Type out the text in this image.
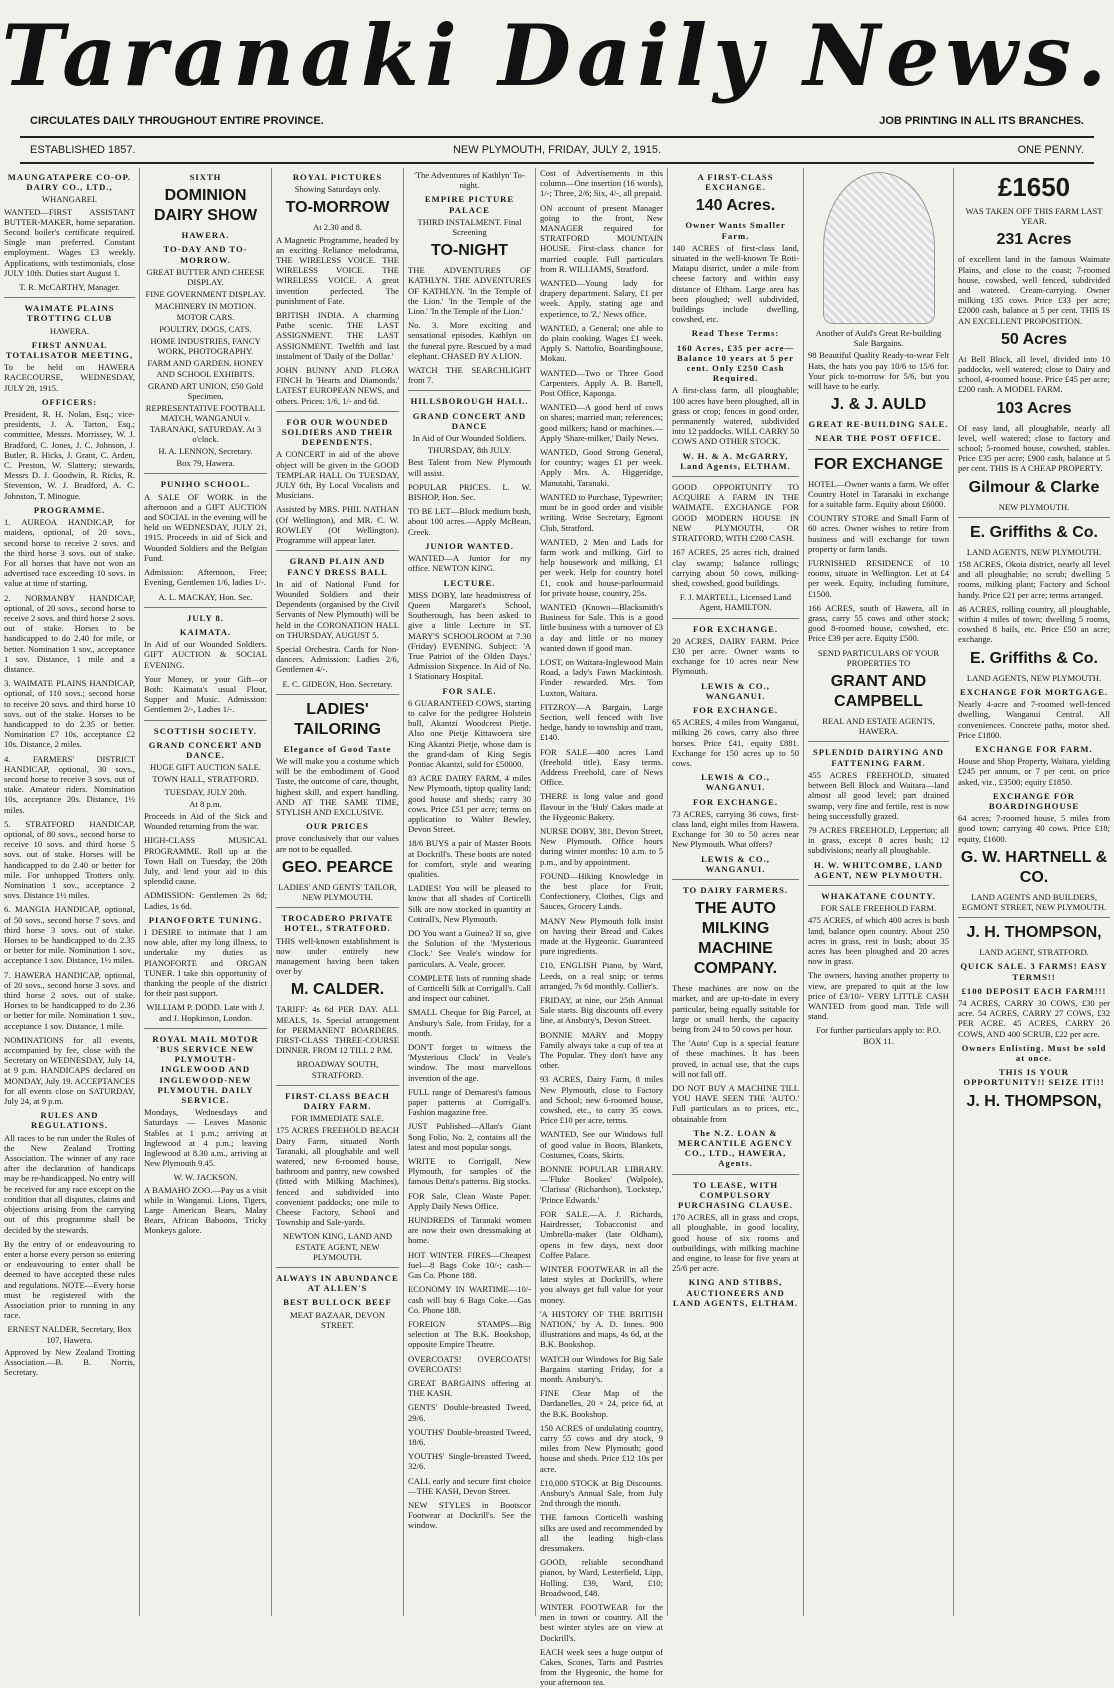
Taranaki Daily News.
CIRCULATES DAILY THROUGHOUT ENTIRE PROVINCE.	JOB PRINTING IN ALL ITS BRANCHES.
ESTABLISHED 1857.	NEW PLYMOUTH, FRIDAY, JULY 2, 1915.	ONE PENNY.
MAUNGATAPERE CO-OP. DAIRY CO., LTD.,
WHANGAREI.

WANTED—FIRST ASSISTANT BUTTER-MAKER, home separation. Second boiler's certificate required. Single man preferred. Constant employment. Wages £3 weekly. Applications, with testimonials, close JULY 10th. Duties start August 1.

T. R. McCARTHY, Manager.
WAIMATE PLAINS TROTTING CLUB
HAWERA.
FIRST ANNUAL TOTALISATOR MEETING,

To be held on HAWERA RACECOURSE, WEDNESDAY, JULY 28, 1915.

OFFICERS:

President, R. H. Nolan, Esq.; vice-presidents, J. A. Tarton, Esq.; committee, Messrs. Morrissey, W. J. Bradford, C. Jones, J. C. Johnson, J. Butler, R. Hicks, J. Grant, C. Arden, C. Preston, W. Slattery; stewards, Messrs D. J. Goodwin, R. Ricks, R. Stevenson, W. J. Bradford, A. C. Johnston, T. Minogue.

PROGRAMME.

1. AUREOA HANDICAP, for maidens, optional, of 20 sovs., second horse to receive 2 sovs. and the third horse 3 sovs. out of stake. For all horses that have not won an advertised race exceeding 10 sovs. in value at time of starting.

2. NORMANBY HANDICAP, optional, of 20 sovs., second horse to receive 2 sovs. and third horse 2 sovs. out of stake. Horses to be handicapped to do 2.40 for mile, or better. Nomination 1 sov., acceptance 1 sov. Distance, 1 mile and a distance.

3. WAIMATE PLAINS HANDICAP, optional, of 110 sovs.; second horse to receive 20 sovs. and third horse 10 sovs. out of the stake. Horses to be handicapped to do 2.35 or better. Nomination £7 10s, acceptance £2 10s. Distance, 2 miles.

4. FARMERS' DISTRICT HANDICAP, optional, 30 sovs., second horse to receive 3 sovs. out of stake. Amateur riders. Nomination 10s, acceptance 20s. Distance, 1½ miles.

5. STRATFORD HANDICAP, optional, of 80 sovs., second horse to receive 10 sovs. and third horse 5 sovs. out of stake. Horses will be handicapped to do 2.40 or better for mile. For unhopped Trotters only. Nomination 1 sov., acceptance 2 sovs. Distance 1½ miles.

6. MANGIA HANDICAP, optional, of 50 sovs., second horse 7 sovs. and third horse 3 sovs. out of stake. Horses to be handicapped to do 2.35 or better for mile. Nomination 1 sov., acceptance 1 sov. Distance, 1½ miles.

7. HAWERA HANDICAP, optional, of 20 sovs., second horse 3 sovs. and third horse 2 sovs. out of stake. Horses to be handicapped to do 2.36 or better for mile. Nomination 1 sov., acceptance 1 sov. Distance, 1 mile.

NOMINATIONS for all events, accompanied by fee, close with the Secretary on WEDNESDAY, July 14, at 9 p.m. HANDICAPS declared on MONDAY, July 19. ACCEPTANCES for all events close on SATURDAY, July 24, at 9 p.m.

RULES AND REGULATIONS.

All races to be run under the Rules of the New Zealand Trotting Association. The winner of any race after the declaration of handicaps may be re-handicapped. No entry will be received for any race except on the condition that all disputes, claims and objections arising from the carrying out of this programme shall be decided by the stewards.

By the entry of or endeavouring to enter a horse every person so entering or endeavouring to enter shall be deemed to have accepted these rules and regulations. NOTE—Every horse must be registered with the Association prior to running in any race.

ERNEST NALDER, Secretary, Box 107, Hawera.

Approved by New Zealand Trotting Association.—B. B. Norris, Secretary.

SIXTH
DOMINION DAIRY SHOW
HAWERA.
TO-DAY AND TO-MORROW.
GREAT BUTTER AND CHEESE DISPLAY.
FINE GOVERNMENT DISPLAY.
MACHINERY IN MOTION. MOTOR CARS.
POULTRY, DOGS, CATS.
HOME INDUSTRIES, FANCY WORK, PHOTOGRAPHY.
FARM AND GARDEN. HONEY AND SCHOOL EXHIBITS.
GRAND ART UNION, £50 Gold Specimen.
REPRESENTATIVE FOOTBALL MATCH, WANGANUI v. TARANAKI, SATURDAY. At 3 o'clock.
H. A. LENNON, Secretary.
Box 79, Hawera.
PUNIHO SCHOOL.

A SALE OF WORK in the afternoon and a GIFT AUCTION and SOCIAL in the evening will be held on WEDNESDAY, JULY 21, 1915. Proceeds in aid of Sick and Wounded Soldiers and the Belgian Fund.

Admission: Afternoon, Free; Evening, Gentlemen 1/6, ladies 1/-.

A. L. MACKAY, Hon. Sec.
JULY 8.
KAIMATA.

In Aid of our Wounded Soldiers. GIFT AUCTION & SOCIAL EVENING.

Your Money, or your Gift—or Both: Kaimata's usual Flour, Supper and Music. Admission: Gentlemen 2/-, Ladies 1/-.

SCOTTISH SOCIETY.
GRAND CONCERT AND DANCE.
HUGE GIFT AUCTION SALE.
TOWN HALL, STRATFORD.
TUESDAY, JULY 20th.
At 8 p.m.

Proceeds in Aid of the Sick and Wounded returning from the war.

HIGH-CLASS MUSICAL PROGRAMME. Roll up at the Town Hall on Tuesday, the 20th July, and lend your aid to this splendid cause.

ADMISSION: Gentlemen 2s 6d; Ladies, 1s 6d.

PIANOFORTE TUNING.

I DESIRE to intimate that I am now able, after my long illness, to undertake my duties as PIANOFORTE and ORGAN TUNER. I take this opportunity of thanking the people of the district for their past support.

WILLIAM P. DODD. Late with J. and J. Hopkinson, London.
ROYAL MAIL MOTOR 'BUS SERVICE NEW PLYMOUTH-INGLEWOOD AND INGLEWOOD-NEW PLYMOUTH. DAILY SERVICE.

Mondays, Wednesdays and Saturdays — Leaves Masonic Stables at 1 p.m.; arriving at Inglewood at 4 p.m.; leaving Inglewood at 8.30 a.m., arriving at New Plymouth 9.45.

W. W. JACKSON.

A BAMAHO ZOO.—Pay us a visit while in Wanganui. Lions, Tigers, Large American Bears, Malay Bears, African Baboons, Tricky Monkeys galore.

ROYAL PICTURES
Showing Saturdays only.
TO-MORROW
At 2.30 and 8.

A Magnetic Programme, headed by an exciting Reliance melodrama, THE WIRELESS VOICE. THE WIRELESS VOICE. THE WIRELESS VOICE. A great invention perfected. The punishment of Fate.

BRITISH INDIA. A charming Pathe scenic. THE LAST ASSIGNMENT. THE LAST ASSIGNMENT. Twelfth and last instalment of 'Daily of the Dollar.'

JOHN BUNNY AND FLORA FINCH In 'Hearts and Diamonds.' LATEST EUROPEAN NEWS, and others. Prices: 1/6, 1/- and 6d.

FOR OUR WOUNDED SOLDIERS AND THEIR DEPENDENTS.

A CONCERT in aid of the above object will be given in the GOOD TEMPLAR HALL On TUESDAY, JULY 6th, By Local Vocalists and Musicians.

Assisted by MRS. PHIL NATHAN (Of Wellington), and MR. C. W. ROWLEY (Of Wellington). Programme will appear later.

GRAND PLAIN AND FANCY DRESS BALL

In aid of National Fund for Wounded Soldiers and their Dependents (organised by the Civil Servants of New Plymouth) will be held in the CORONATION HALL on THURSDAY, AUGUST 5.

Special Orchestra. Cards for Non-dancers. Admission: Ladies 2/6, Gentlemen 4/-.

E. C. GIDEON, Hon. Secretary.
LADIES' TAILORING
Elegance of Good Taste

We will make you a costume which will be the embodiment of Good Taste, the outcome of care, thought, highest skill, and expert handling. AND AT THE SAME TIME, STYLISH AND EXCLUSIVE.

OUR PRICES

prove conclusively that our values are not to be equalled.

GEO. PEARCE
LADIES' AND GENTS' TAILOR, NEW PLYMOUTH.
TROCADERO PRIVATE HOTEL, STRATFORD.

THIS well-known establishment is now under entirely new management having been taken over by

M. CALDER.

TARIFF: 4s 6d PER DAY. ALL MEALS, 1s. Special arrangement for PERMANENT BOARDERS. FIRST-CLASS THREE-COURSE DINNER. FROM 12 TILL 2 P.M.

BROADWAY SOUTH, STRATFORD.
FIRST-CLASS BEACH DAIRY FARM.
FOR IMMEDIATE SALE.

175 ACRES FREEHOLD BEACH Dairy Farm, situated North Taranaki, all ploughable and well watered, new 6-roomed house, bathroom and pantry, new cowshed (fitted with Milking Machines), fenced and subdivided into convenient paddocks; one mile to Cheese Factory, School and Township and Sale-yards.

NEWTON KING, LAND AND ESTATE AGENT, NEW PLYMOUTH.
ALWAYS IN ABUNDANCE AT ALLEN'S
BEST BULLOCK BEEF
MEAT BAZAAR, DEVON STREET.
'The Adventures of Kathlyn' To-night.
EMPIRE PICTURE PALACE
THIRD INSTALMENT. Final Screening
TO-NIGHT

THE ADVENTURES OF KATHLYN. THE ADVENTURES OF KATHLYN. 'In the Temple of the Lion.' 'In the Temple of the Lion.' 'In the Temple of the Lion.'

No. 3. More exciting and sensational episodes. Kathlyn on the funeral pyre. Rescued by a mad elephant. CHASED BY A LION.

WATCH THE SEARCHLIGHT from 7.

HILLSBOROUGH HALL.
GRAND CONCERT AND DANCE
In Aid of Our Wounded Soldiers.
THURSDAY, 8th JULY.

Best Talent from New Plymouth will assist.

POPULAR PRICES. L. W. BISHOP, Hon. Sec.

TO BE LET—Block medium bush, about 100 acres.—Apply McBean, Creek.

JUNIOR WANTED.

WANTED—A Junior for my office. NEWTON KING.

LECTURE.

MISS DOBY, late headmistress of Queen Margaret's School, Southerough, has been asked to give a little Lecture in ST. MARY'S SCHOOLROOM at 7.30 (Friday) EVENING. Subject: 'A True Patriot of the Olden Days.' Admission Sixpence. In Aid of No. 1 Stationary Hospital.

FOR SALE.

6 GUARANTEED COWS, starting to calve for the pedigree Holstein bull, Akantzi Woodcrest Pietje. Also one Pietje Kittawoera sire King Akantzi Pietje, whose dam is the grand-dam of King Segis Pontiac Akantzi, sold for £50000.

83 ACRE DAIRY FARM, 4 miles New Plymouth, tiptop quality land; good house and sheds; carry 30 cows. Price £51 per acre; terms on application to Walter Bewley, Devon Street.

18/6 BUYS a pair of Master Boots at Dockrill's. These boots are noted for comfort, style and wearing qualities.

LADIES! You will be pleased to know that all shades of Corticelli Silk are now stocked in quantity at Cottrall's, New Plymouth.

DO You want a Guinea? If so, give the Solution of the 'Mysterious Clock.' See Veale's window for particulars. A. Veale, grocer.

COMPLETE lists of running shade of Corticelli Silk at Corrigall's. Call and inspect our cabinet.

SMALL Cheque for Big Parcel, at Ansbury's Sale, from Friday, for a month.

DON'T forget to witness the 'Mysterious Clock' in Veale's window. The most marvellous invention of the age.

FULL range of Demarest's famous paper patterns at Corrigall's. Fashion magazine free.

JUST Published—Allan's Giant Song Folio, No. 2, contains all the latest and most popular songs.

WRITE to Corrigall, New Plymouth, for samples of the famous Detta's patterns. Big stocks.

FOR Sale, Clean Waste Paper. Apply Daily News Office.

HUNDREDS of Taranaki women are now their own dressmaking at home.

HOT WINTER FIRES—Cheapest fuel—8 Bags Coke 10/-; cash—Gas Co. Phone 188.

ECONOMY IN WARTIME—10/- cash will buy 6 Bags Coke.—Gas Co. Phone 188.

FOREIGN STAMPS—Big selection at The B.K. Bookshop, opposite Empire Theatre.

OVERCOATS! OVERCOATS! OVERCOATS!

GREAT BARGAINS offering at THE KASH.

GENTS' Double-breasted Tweed, 29/6.

YOUTHS' Double-breasted Tweed, 18/6.

YOUTHS' Single-breasted Tweed, 32/6.

CALL early and secure first choice—THE KASH, Devon Street.

NEW STYLES in Bootscor Footwear at Dockrill's. See the window.

Cost of Advertisements in this column—One insertion (16 words), 1/-; Three, 2/6; Six, 4/-, all prepaid.

ON account of present Manager going to the front, New MANAGER required for STRATFORD MOUNTAIN HOUSE. First-class chance for married couple. Full particulars from R. WILLIAMS, Stratford.

WANTED—Young lady for drapery department. Salary, £1 per week. Apply, stating age and experience, to 'Z,' News office.

WANTED, a General; one able to do plain cooking. Wages £1 week. Apply S. Nattolio, Boardinghouse, Mokau.

WANTED—Two or Three Good Carpenters. Apply A. B. Bartell, Post Office, Kaponga.

WANTED—A good herd of cows on shares; married man; references; good milkers; hand or machines.—Apply 'Share-milker,' Daily News.

WANTED, Good Strong General, for country; wages £1 per week. Apply Mrs. A. Higgeridge, Manutahi, Taranaki.

WANTED to Purchase, Typewriter; must be in good order and visible writing. Write Secretary, Egmont Club, Stratford.

WANTED, 2 Men and Lads for farm work and milking. Girl to help housework and milking, £1 per week. Help for country hotel £1, cook and house-parlourmaid for private house, country, 25s.

WANTED (Known—Blacksmith's Business for Sale. This is a good little business with a turnover of £3 a day and little or no money wanted down if good man.

LOST, on Waitara-Inglewood Main Road, a lady's Fawn Mackintosh. Finder rewarded. Mrs. Tom Luxton, Waitara.

FITZROY—A Bargain, Large Section, well fenced with live hedge, handy to township and tram, £140.

FOR SALE—400 acres Land (freehold title). Easy terms. Address Freehold, care of News Office.

THERE is long value and good flavour in the 'Hub' Cakes made at the Hygeonic Bakery.

NURSE DOBY, 381, Devon Street, New Plymouth. Office hours during winter months: 10 a.m. to 5 p.m., and by appointment.

FOUND—Hiking Knowledge in the best place for Fruit, Confectionery, Clothes, Cigs and Sauces, Grocery Lands.

MANY New Plymouth folk insist on having their Bread and Cakes made at the Hygeonic. Guaranteed pure ingredients.

£10, ENGLISH Piano, by Ward, Leeds, on a real snip; or terms arranged, 7s 6d monthly. Collier's.

FRIDAY, at nine, our 25th Annual Sale starts. Big discounts off every line, at Ansbury's, Devon Street.

BONNIE MARY and Moppy Family always take a cup of tea at The Popular. They don't have any other.

93 ACRES, Dairy Farm, 8 miles New Plymouth, close to Factory and School; new 6-roomed house, cowshed, etc., to carry 35 cows. Price £10 per acre, terms.

WANTED, See our Windows full of good value in Boots, Blankets, Costumes, Coats, Skirts.

BONNIE POPULAR LIBRARY.—'Fluke Bookes' (Walpole), 'Clarissa' (Richardson), 'Lockstep,' 'Prince Edwards.'

FOR SALE.—A. J. Richards, Hairdresser, Tobacconist and Umbrella-maker (late Oldham), opens in few days, next door Coffee Palace.

WINTER FOOTWEAR in all the latest styles at Dockrill's, where you always get full value for your money.

'A HISTORY OF THE BRITISH NATION,' by A. D. Innes. 900 illustrations and maps, 4s 6d, at the B.K. Bookshop.

WATCH our Windows for Big Sale Bargains starting Friday, for a month. Ansbury's.

FINE Clear Map of the Dardanelles, 20 × 24, price 6d, at the B.K. Bookshop.

150 ACRES of undulating country, carry 55 cows and dry stock, 9 miles from New Plymouth; good house and sheds. Price £12 10s per acre.

£10,000 STOCK at Big Discounts. Ansbury's Annual Sale, from July 2nd through the month.

THE famous Corticelli washing silks are used and recommended by all the leading high-class dressmakers.

GOOD, reliable secondhand pianos, by Ward, Lesterfield, Lipp, Holling. £39, Ward, £10; Broadwood, £48.

WINTER FOOTWEAR for the men in town or country. All the best winter styles are on view at Dockrill's.

EACH week sees a huge output of Cakes, Scones, Tarts and Pastries from the Hygeonic, the home for your afternoon tea.

A FIRST-CLASS EXCHANGE.
140 Acres.
Owner Wants Smaller Farm.

140 ACRES of first-class land, situated in the well-known Te Roti-Matapu district, under a mile from cheese factory and within easy distance of Eltham. Large area has been ploughed; well subdivided, buildings include dwelling, cowshed, etc.

Read These Terms:
160 Acres, £35 per acre—Balance 10 years at 5 per cent. Only £250 Cash Required.

A first-class farm, all ploughable; 100 acres have been ploughed, all in grass or crop; fences in good order, permanently watered, subdivided into 12 paddocks. WILL CARRY 50 COWS AND OTHER STOCK.

W. H. & A. McGARRY, Land Agents, ELTHAM.

GOOD OPPORTUNITY TO ACQUIRE A FARM IN THE WAIMATE. EXCHANGE FOR GOOD MODERN HOUSE IN NEW PLYMOUTH, OR STRATFORD, WITH £200 CASH.

167 ACRES, 25 acres rich, drained clay swamp; balance rollings; carrying about 50 cows, milking-shed, cowshed, good buildings.

F. J. MARTELL, Licensed Land Agent, HAMILTON.
FOR EXCHANGE.

20 ACRES, DAIRY FARM. Price £30 per acre. Owner wants to exchange for 10 acres near New Plymouth.

LEWIS & CO., WANGANUI.
FOR EXCHANGE.

65 ACRES, 4 miles from Wanganui, milking 26 cows, carry also three horses. Price £41, equity £881. Exchange for 150 acres up to 50 cows.

LEWIS & CO., WANGANUI.
FOR EXCHANGE.

73 ACRES, carrying 36 cows, first-class land, eight miles from Hawera. Exchange for 30 to 50 acres near New Plymouth. What offers?

LEWIS & CO., WANGANUI.
TO DAIRY FARMERS.
THE AUTO MILKING MACHINE COMPANY.

These machines are now on the market, and are up-to-date in every particular, being equally suitable for large or small herds, the capacity being from 24 to 50 cows per hour.

The 'Auto' Cup is a special feature of these machines. It has been proved, in actual use, that the cups will not fall off.

DO NOT BUY A MACHINE TILL YOU HAVE SEEN THE 'AUTO.' Full particulars as to prices, etc., obtainable from

The N.Z. LOAN & MERCANTILE AGENCY CO., LTD., HAWERA, Agents.
TO LEASE, WITH COMPULSORY PURCHASING CLAUSE.

170 ACRES, all in grass and crops, all ploughable, in good locality, good house of six rooms and outbuildings, with milking machine and engine, to lease for five years at 25/6 per acre.

KING AND STIBBS, AUCTIONEERS AND LAND AGENTS, ELTHAM.
Another of Auld's Great Re-building Sale Bargains.

98 Beautiful Quality Ready-to-wear Felt Hats, the hats you pay 10/6 to 15/6 for. Your pick to-morrow for 5/6, but you will have to be early.

J. & J. AULD
GREAT RE-BUILDING SALE.
NEAR THE POST OFFICE.
FOR EXCHANGE

HOTEL—Owner wants a farm. We offer Country Hotel in Taranaki in exchange for a suitable farm. Equity about £6000.

COUNTRY STORE and Small Farm of 60 acres. Owner wishes to retire from business and will exchange for town property or farm lands.

FURNISHED RESIDENCE of 10 rooms, situate in Wellington. Let at £4 per week. Equity, including furniture, £1500.

166 ACRES, south of Hawera, all in grass, carry 55 cows and other stock; good 8-roomed house, cowshed, etc. Price £39 per acre. Equity £500.

SEND PARTICULARS OF YOUR PROPERTIES TO
GRANT AND CAMPBELL
REAL AND ESTATE AGENTS, HAWERA.
SPLENDID DAIRYING AND FATTENING FARM.

455 ACRES FREEHOLD, situated between Bell Block and Waitara—land almost all good level; part drained swamp, very fine and fertile, rest is now being successfully grazed.

79 ACRES FREEHOLD, Lepperton; all in grass, except 8 acres bush; 12 subdivisions; nearly all ploughable.

H. W. WHITCOMBE, LAND AGENT, NEW PLYMOUTH.
WHAKATANE COUNTY.
FOR SALE FREEHOLD FARM.

475 ACRES, of which 400 acres is bush land, balance open country. About 250 acres in grass, rest in bush; about 35 acres has been ploughed and 20 acres now in grass.

The owners, having another property to view, are prepared to quit at the low price of £3/10/- VERY LITTLE CASH WANTED from good man. Title will stand.

For further particulars apply to: P.O. BOX 11.
£1650
WAS TAKEN OFF THIS FARM LAST YEAR.
231 Acres

of excellent land in the famous Waimate Plains, and close to the coast; 7-roomed house, cowshed, well fenced, subdivided and watered. Cream-carrying. Owner milking 135 cows. Price £33 per acre; £2000 cash, balance at 5 per cent. THIS IS AN EXCELLENT PROPOSITION.

50 Acres

At Bell Block, all level, divided into 10 paddocks, well watered; close to Dairy and school, 4-roomed house. Price £45 per acre; £200 cash. A MODEL FARM.

103 Acres

Of easy land, all ploughable, nearly all level, well watered; close to factory and school; 5-roomed house, cowshed, stables. Price £35 per acre; £900 cash, balance at 5 per cent. THIS IS A CHEAP PROPERTY.

Gilmour & Clarke
NEW PLYMOUTH.
E. Griffiths & Co.
LAND AGENTS, NEW PLYMOUTH.

158 ACRES, Okoia district, nearly all level and all ploughable; no scrub; dwelling 5 rooms, milking plant; Factory and School handy. Price £21 per acre; terms arranged.

46 ACRES, rolling country, all ploughable, within 4 miles of town; dwelling 5 rooms, cowshed 8 bails, etc. Price £50 an acre; exchange.

E. Griffiths & Co.
LAND AGENTS, NEW PLYMOUTH.
EXCHANGE FOR MORTGAGE.

Nearly 4-acre and 7-roomed well-fenced dwelling, Wanganui Central. All conveniences. Concrete paths, motor shed. Price £1800.

EXCHANGE FOR FARM.

House and Shop Property, Waitara, yielding £245 per annum, or 7 per cent. on price asked, viz., £3500; equity £1850.

EXCHANGE FOR BOARDINGHOUSE

64 acres; 7-roomed house, 5 miles from good town; carrying 40 cows. Price £18; equity, £1600.

G. W. HARTNELL & CO.
LAND AGENTS AND BUILDERS, EGMONT STREET, NEW PLYMOUTH.
J. H. THOMPSON,
LAND AGENT, STRATFORD.
QUICK SALE. 3 FARMS! EASY TERMS!!
£100 DEPOSIT EACH FARM!!!

74 ACRES, CARRY 30 COWS, £30 per acre. 54 ACRES, CARRY 27 COWS, £32 PER ACRE. 45 ACRES, CARRY 26 COWS, AND 400 SCRUB, £22 per acre.

Owners Enlisting. Must be sold at once.
THIS IS YOUR OPPORTUNITY!! SEIZE IT!!!
J. H. THOMPSON,
